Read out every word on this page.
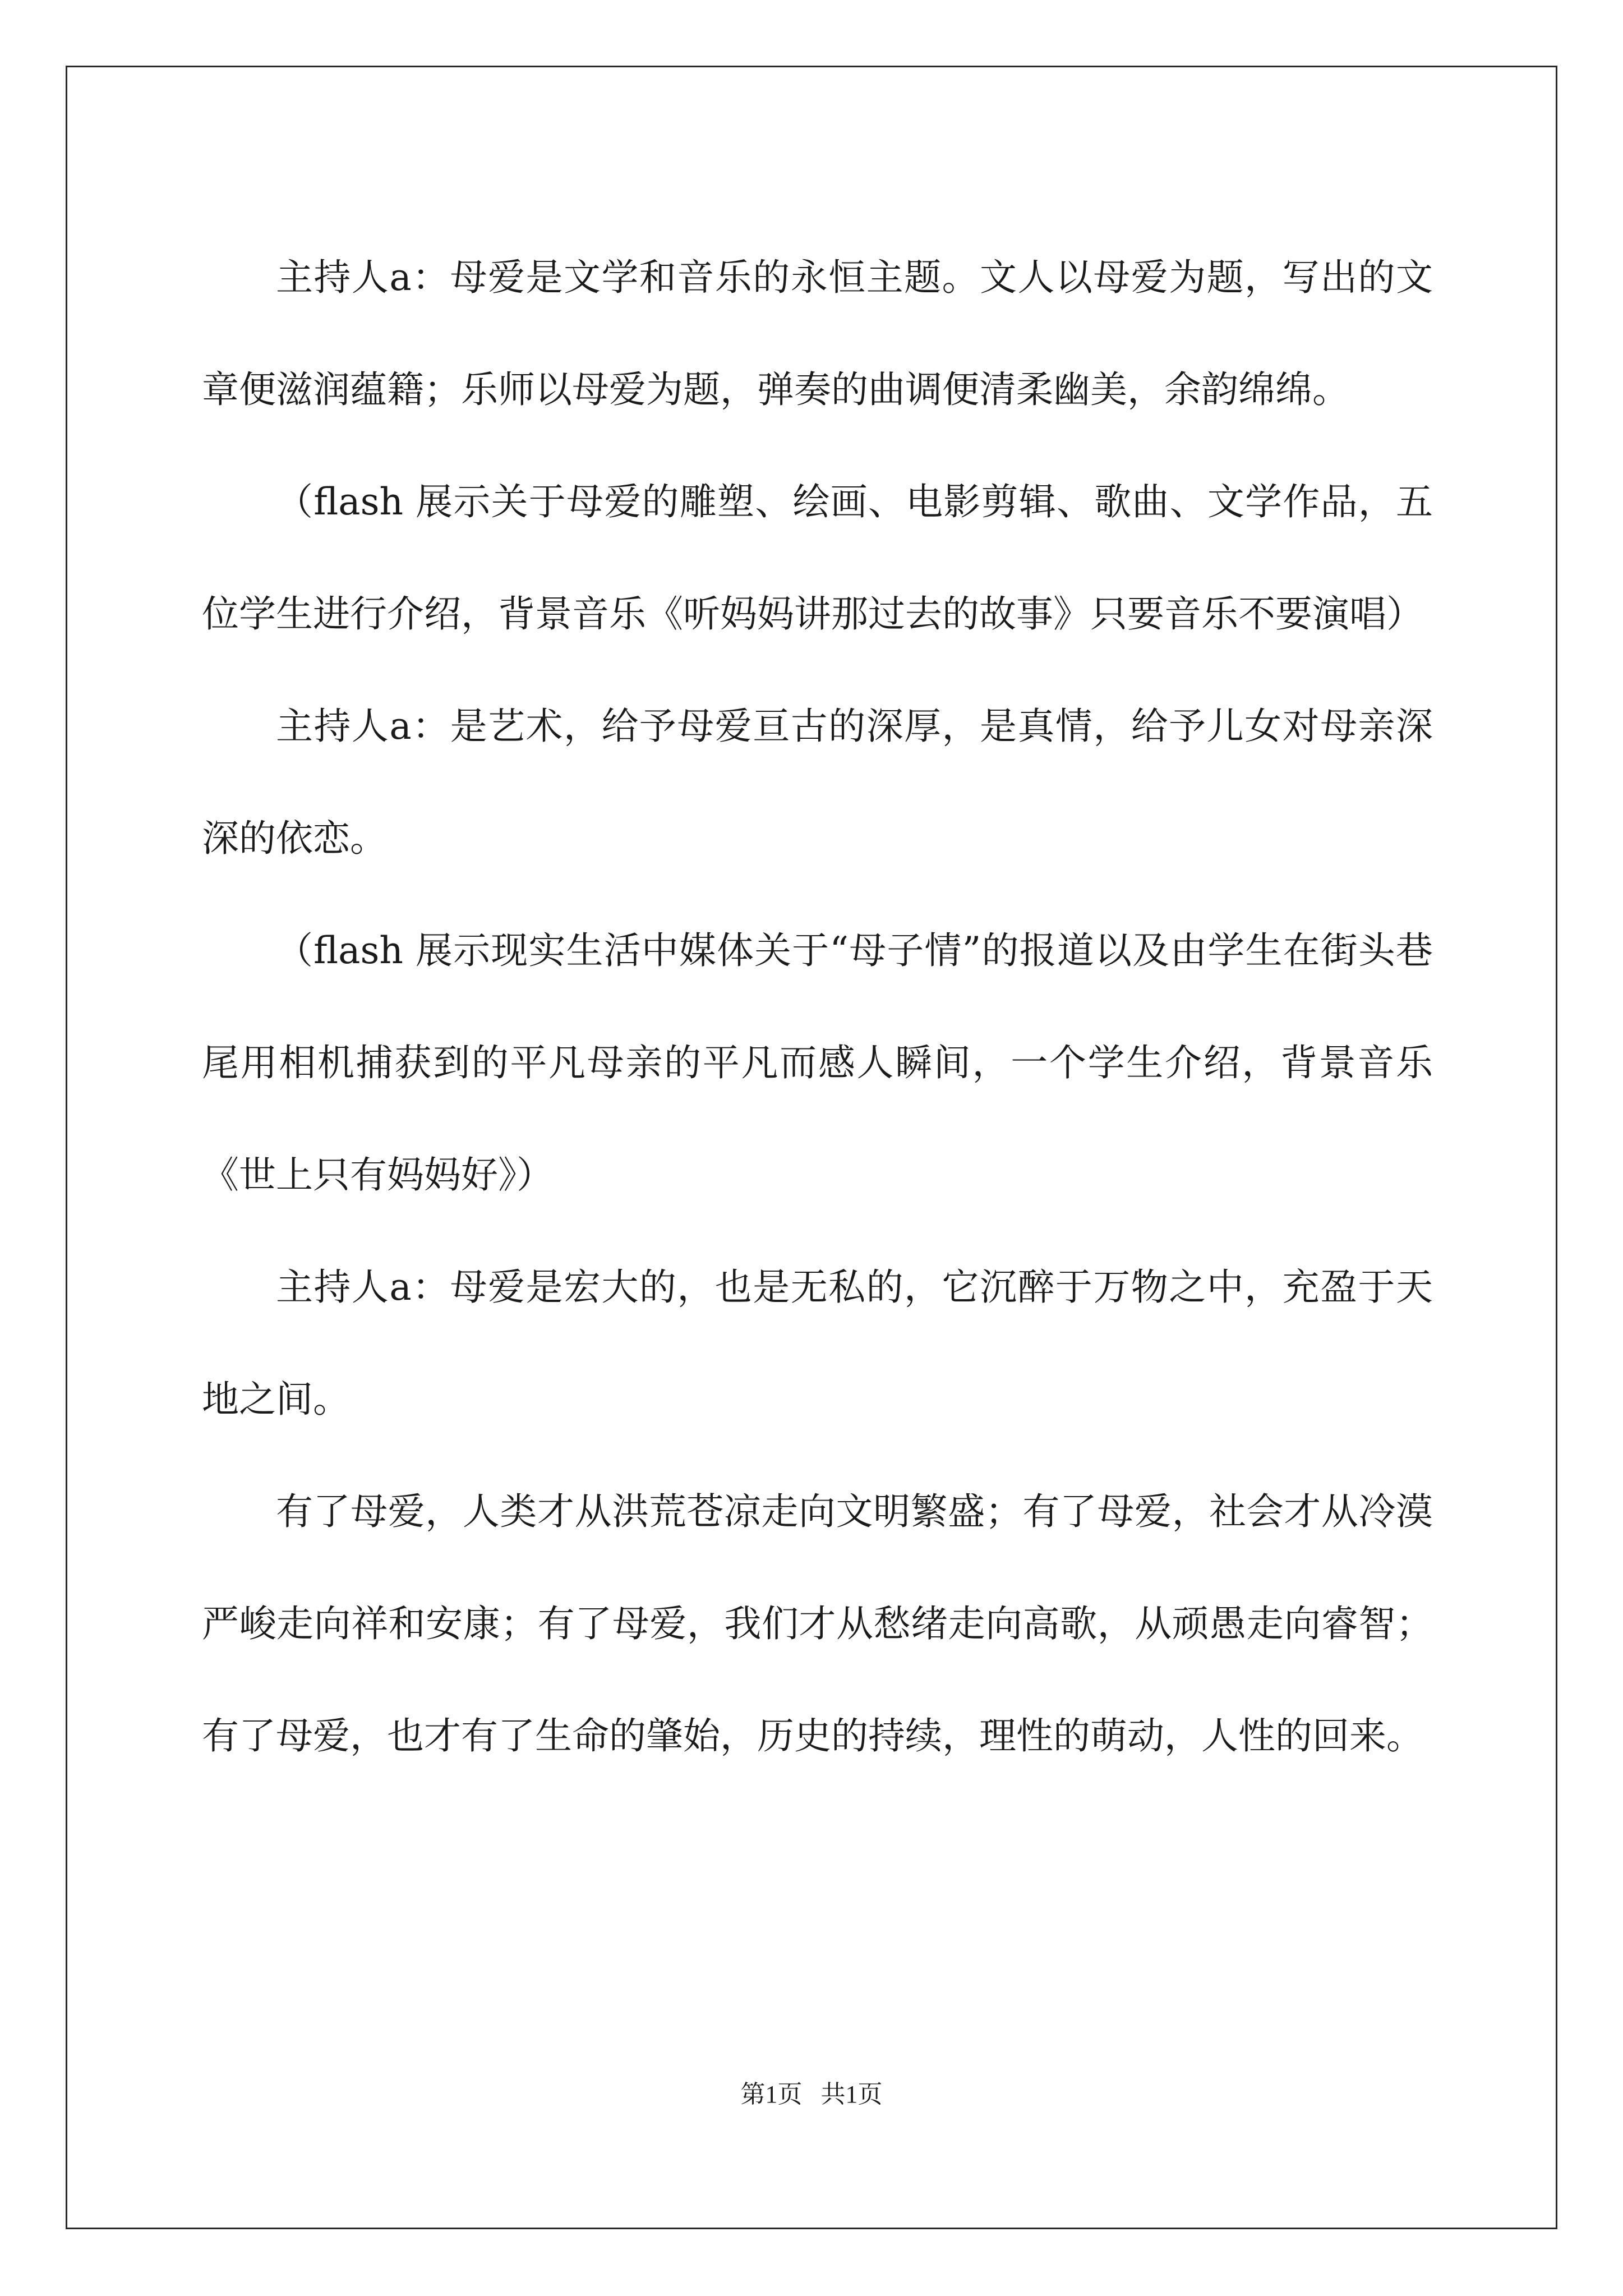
主持人a：母爱是文学和音乐的永恒主题。文人以母爱为题，写出的文章便滋润蕴籍；乐师以母爱为题，弹奏的曲调便清柔幽美，余韵绵绵。

（flash 展示关于母爱的雕塑、绘画、电影剪辑、歌曲、文学作品，五位学生进行介绍，背景音乐《听妈妈讲那过去的故事》只要音乐不要演唱）

主持人a：是艺术，给予母爱亘古的深厚，是真情，给予儿女对母亲深深的依恋。

（flash 展示现实生活中媒体关于“母子情”的报道以及由学生在街头巷尾用相机捕获到的平凡母亲的平凡而感人瞬间，一个学生介绍，背景音乐《世上只有妈妈好》）

主持人a：母爱是宏大的，也是无私的，它沉醉于万物之中，充盈于天地之间。

有了母爱，人类才从洪荒苍凉走向文明繁盛；有了母爱，社会才从冷漠严峻走向祥和安康；有了母爱，我们才从愁绪走向高歌，从顽愚走向睿智；有了母爱，也才有了生命的肇始，历史的持续，理性的萌动，人性的回来。

第1页 共1页
